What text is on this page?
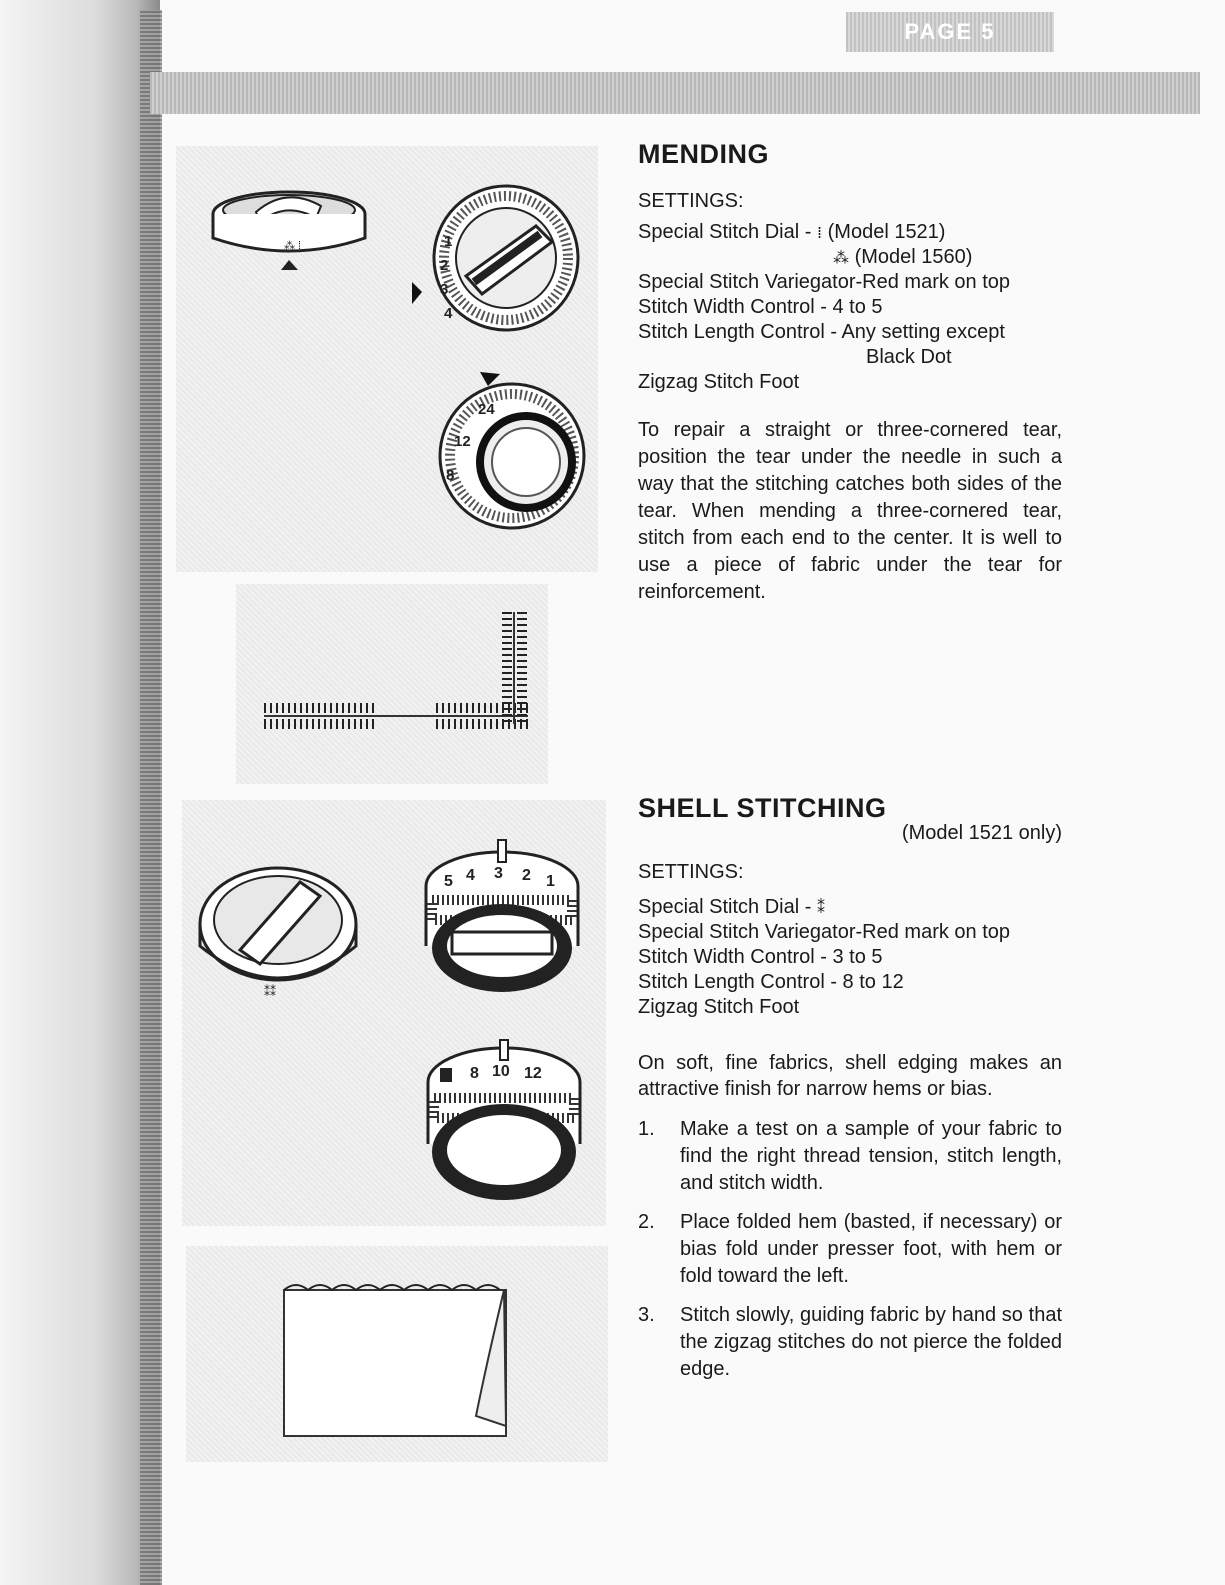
PAGE 5
⁂ ⁞	1
2
3
4
24
12
8
⁑⁑
5 4 3 2 1
8 10 12
MENDING
SETTINGS:
Special Stitch Dial - ⁞ (Model 1521)
⁂ (Model 1560)
Special Stitch Variegator-Red mark on top
Stitch Width Control - 4 to 5
Stitch Length Control - Any setting except
Black Dot
Zigzag Stitch Foot
To repair a straight or three-cornered tear, position the tear under the needle in such a way that the stitching catches both sides of the tear. When mending a three-cornered tear, stitch from each end to the center. It is well to use a piece of fabric under the tear for reinforcement.
SHELL STITCHING
(Model 1521 only)
SETTINGS:
Special Stitch Dial - ⁑
Special Stitch Variegator-Red mark on top
Stitch Width Control - 3 to 5
Stitch Length Control - 8 to 12
Zigzag Stitch Foot
On soft, fine fabrics, shell edging makes an attractive finish for narrow hems or bias.
1.	Make a test on a sample of your fabric to find the right thread tension, stitch length, and stitch width.
2.	Place folded hem (basted, if necessary) or bias fold under presser foot, with hem or fold toward the left.
3.	Stitch slowly, guiding fabric by hand so that the zigzag stitches do not pierce the folded edge.
